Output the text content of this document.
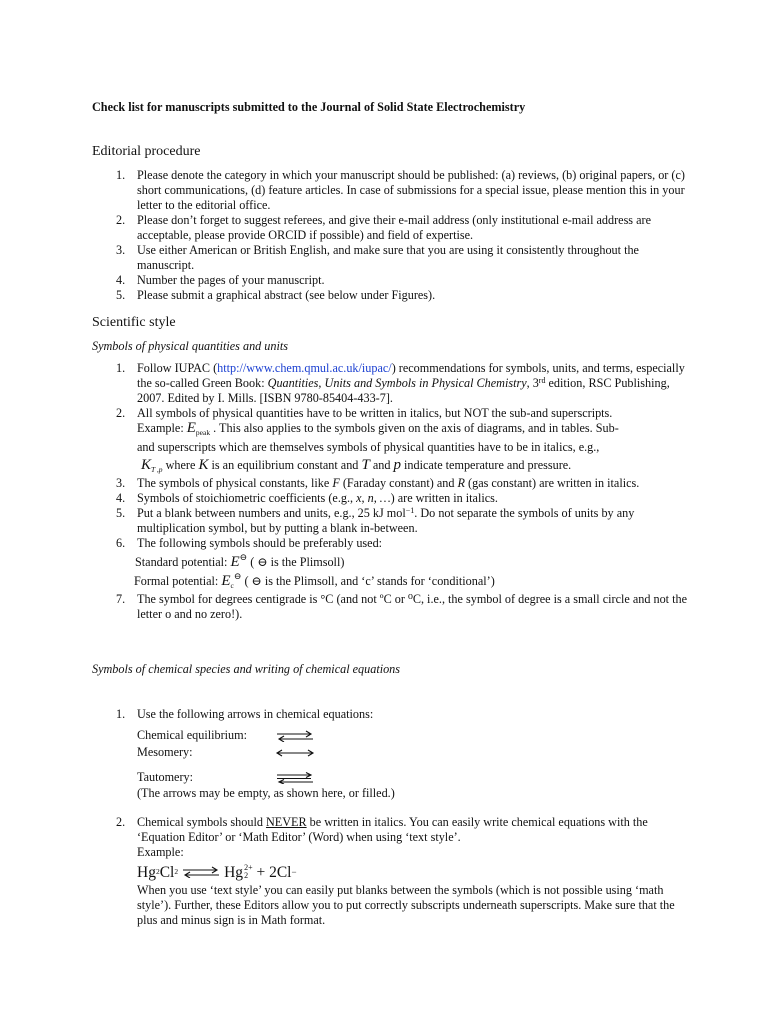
Check list for manuscripts submitted to the Journal of Solid State Electrochemistry
Editorial procedure
1. Please denote the category in which your manuscript should be published: (a) reviews, (b) original papers, or (c) short communications, (d) feature articles. In case of submissions for a special issue, please mention this in your letter to the editorial office.
2. Please don’t forget to suggest referees, and give their e-mail address (only institutional e-mail address are acceptable, please provide ORCID if possible) and field of expertise.
3. Use either American or British English, and make sure that you are using it consistently throughout the manuscript.
4. Number the pages of your manuscript.
5. Please submit a graphical abstract (see below under Figures).
Scientific style
Symbols of physical quantities and units
1. Follow IUPAC (http://www.chem.qmul.ac.uk/iupac/) recommendations for symbols, units, and terms, especially the so-called Green Book: Quantities, Units and Symbols in Physical Chemistry, 3rd edition, RSC Publishing, 2007. Edited by I. Mills. [ISBN 9780-85404-433-7].
2. All symbols of physical quantities have to be written in italics, but NOT the sub-and superscripts.
Example: $E_{peak}$ . This also applies to the symbols given on the axis of diagrams, and in tables. Sub-
and superscripts which are themselves symbols of physical quantities have to be in italics, e.g.,
$K_{T ,p}$ where K is an equilibrium constant and T and p indicate temperature and pressure.
3. The symbols of physical constants, like F (Faraday constant) and R (gas constant) are written in italics.
4. Symbols of stoichiometric coefficients (e.g., x, n, …) are written in italics.
5. Put a blank between numbers and units, e.g., 25 kJ mol$^{-1}$. Do not separate the symbols of units by any multiplication symbol, but by putting a blank in-between.
6. The following symbols should be preferably used:
Standard potential: E⊖ ( ⊖ is the Plimsoll)
Formal potential: $E_c^⊖$ ( ⊖ is the Plimsoll, and ‘c’ stands for ‘conditional’)
7. The symbol for degrees centigrade is °C (and not ºC or ⁰C, i.e., the symbol of degree is a small circle and not the letter o and no zero!).
Symbols of chemical species and writing of chemical equations
1. Use the following arrows in chemical equations:
Chemical equilibrium:
Mesomery:
Tautomery:
(The arrows may be empty, as shown here, or filled.)
2. Chemical symbols should NEVER be written in italics. You can easily write chemical equations with the ‘Equation Editor’ or ‘Math Editor’ (Word) when using ‘text style’.
Example:
Hg 2 Cl 2 ⇌ Hg 2+
2 + 2Cl −
When you use ‘text style’ you can easily put blanks between the symbols (which is not possible using ‘math style’). Further, these Editors allow you to put correctly subscripts underneath superscripts. Make sure that the plus and minus sign is in Math format.
